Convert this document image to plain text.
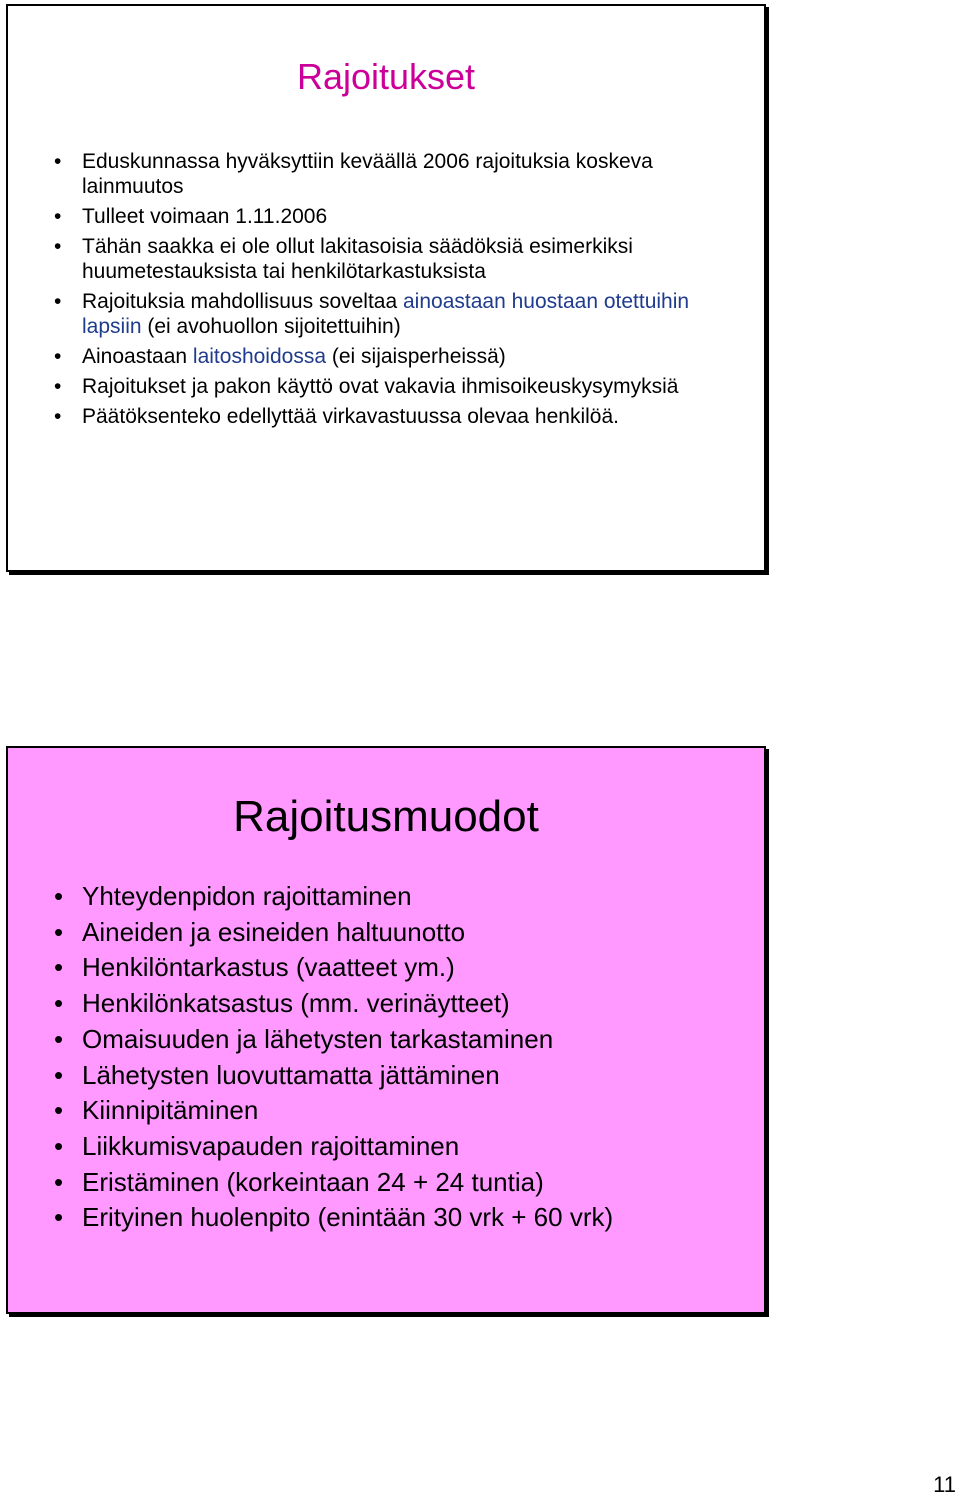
Rajoitukset
• Eduskunnassa hyväksyttiin keväällä 2006 rajoituksia koskeva lainmuutos
• Tulleet voimaan 1.11.2006
• Tähän saakka ei ole ollut lakitasoisia säädöksiä esimerkiksi huumetestauksista tai henkilötarkastuksista
• Rajoituksia mahdollisuus soveltaa ainoastaan huostaan otettuihin lapsiin (ei avohuollon sijoitettuihin)
• Ainoastaan laitoshoidossa (ei sijaisperheissä)
• Rajoitukset ja pakon käyttö ovat vakavia ihmisoikeuskysymyksiä
• Päätöksenteko edellyttää virkavastuussa olevaa henkilöä.
Rajoitusmuodot
• Yhteydenpidon rajoittaminen
• Aineiden ja esineiden haltuunotto
• Henkilöntarkastus (vaatteet ym.)
• Henkilönkatsastus (mm. verinäytteet)
• Omaisuuden ja lähetysten tarkastaminen
• Lähetysten luovuttamatta jättäminen
• Kiinnipitäminen
• Liikkumisvapauden rajoittaminen
• Eristäminen (korkeintaan 24 + 24 tuntia)
• Erityinen huolenpito (enintään 30 vrk + 60 vrk)
11
